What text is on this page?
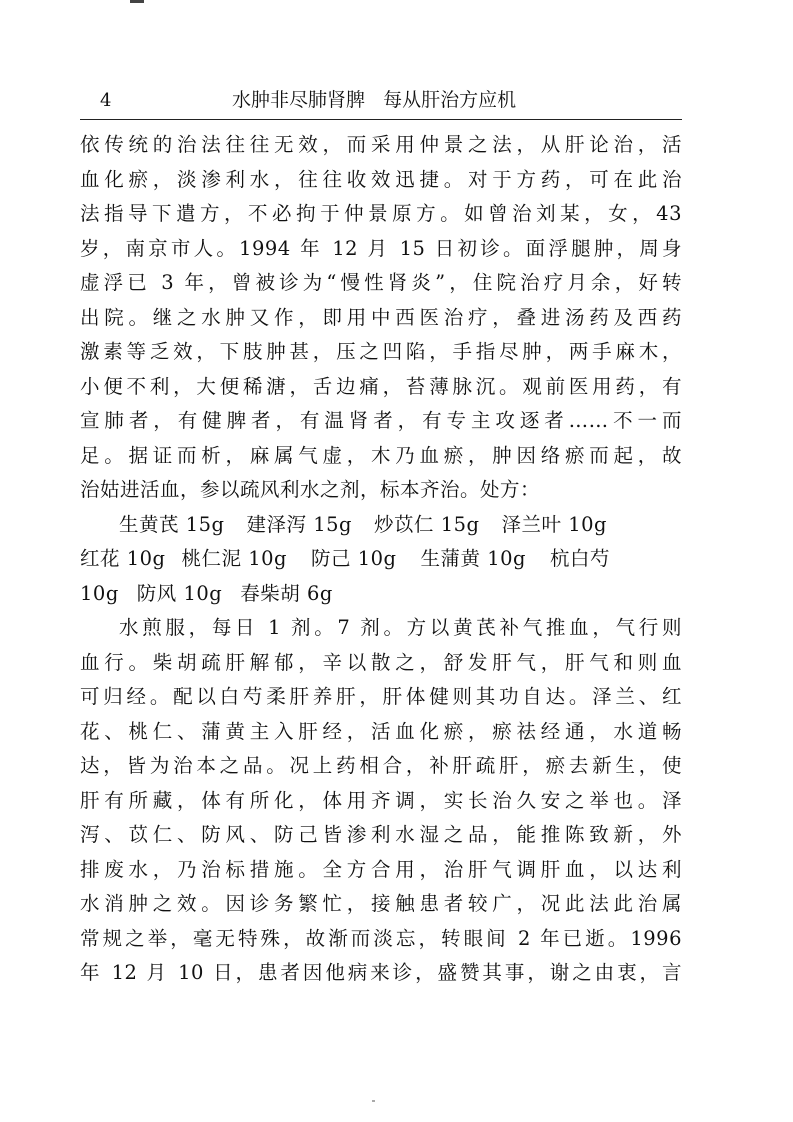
4	水肿非尽肺肾脾   每从肝治方应机
依传统的治法往往无效，而采用仲景之法，从肝论治，活
血化瘀，淡渗利水，往往收效迅捷。对于方药，可在此治
法指导下遣方，不必拘于仲景原方。如曾治刘某，女，43
岁，南京市人。1994 年 12 月 15 日初诊。面浮腿肿，周身
虚浮已 3 年，曾被诊为“慢性肾炎”，住院治疗月余，好转
出院。继之水肿又作，即用中西医治疗，叠进汤药及西药
激素等乏效，下肢肿甚，压之凹陷，手指尽肿，两手麻木，
小便不利，大便稀溏，舌边痛，苔薄脉沉。观前医用药，有
宣肺者，有健脾者，有温肾者，有专主攻逐者……不一而
足。据证而析，麻属气虚，木乃血瘀，肿因络瘀而起，故
治姑进活血，参以疏风利水之剂，标本齐治。处方：
生黄芪 15g 建泽泻 15g 炒苡仁 15g 泽兰叶 10g
红花 10g 桃仁泥 10g 防己 10g 生蒲黄 10g 杭白芍
10g 防风 10g 春柴胡 6g
水煎服，每日 1 剂。7 剂。方以黄芪补气推血，气行则
血行。柴胡疏肝解郁，辛以散之，舒发肝气，肝气和则血
可归经。配以白芍柔肝养肝，肝体健则其功自达。泽兰、红
花、桃仁、蒲黄主入肝经，活血化瘀，瘀祛经通，水道畅
达，皆为治本之品。况上药相合，补肝疏肝，瘀去新生，使
肝有所藏，体有所化，体用齐调，实长治久安之举也。泽
泻、苡仁、防风、防己皆渗利水湿之品，能推陈致新，外
排废水，乃治标措施。全方合用，治肝气调肝血，以达利
水消肿之效。因诊务繁忙，接触患者较广，况此法此治属
常规之举，毫无特殊，故渐而淡忘，转眼间 2 年已逝。1996
年 12 月 10 日，患者因他病来诊，盛赞其事，谢之由衷，言
